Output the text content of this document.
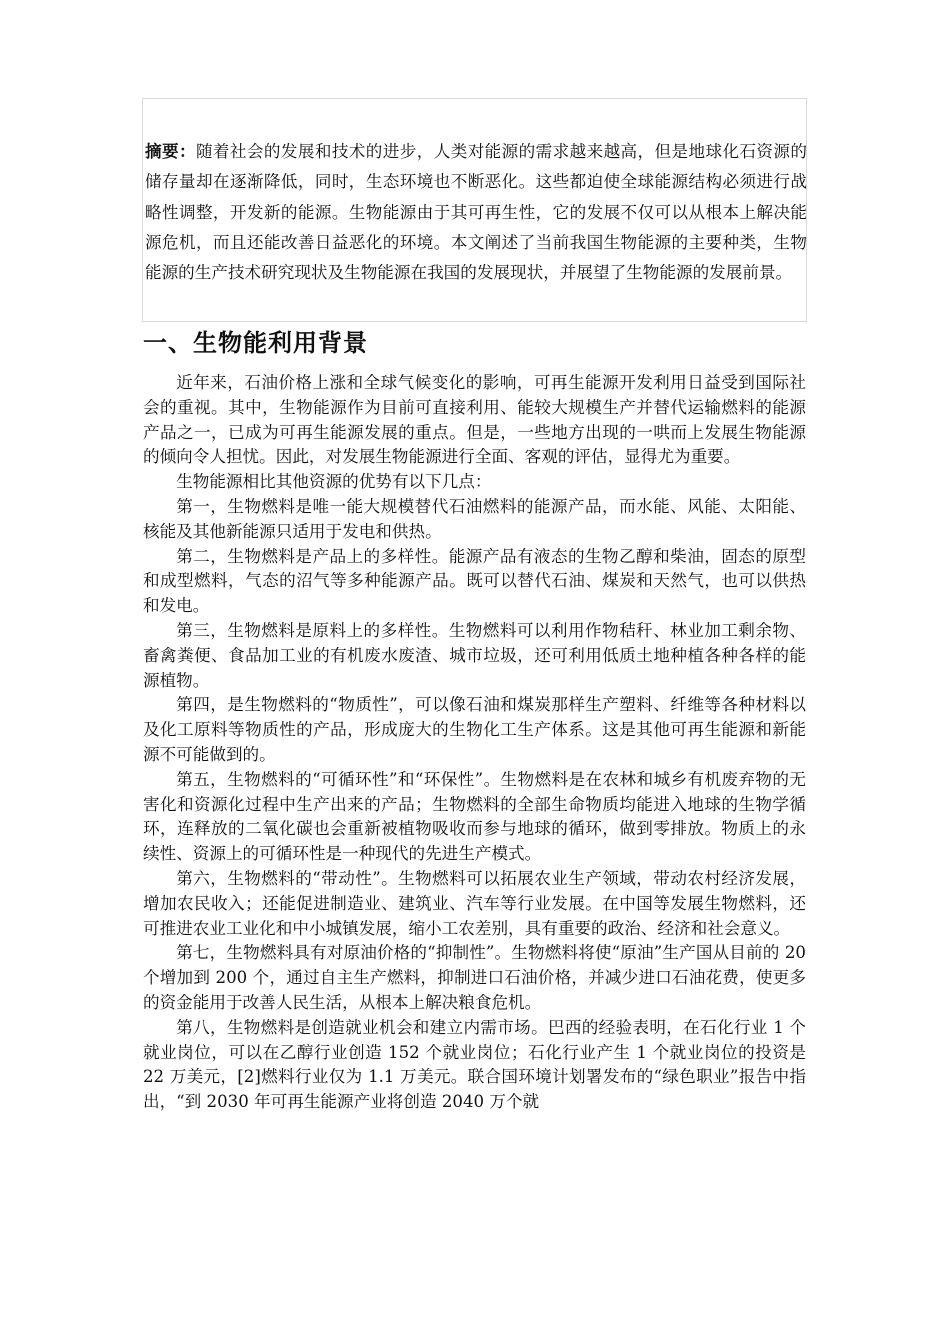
摘要：随着社会的发展和技术的进步，人类对能源的需求越来越高，但是地球化石资源的储存量却在逐渐降低，同时，生态环境也不断恶化。这些都迫使全球能源结构必须进行战略性调整，开发新的能源。生物能源由于其可再生性，它的发展不仅可以从根本上解决能源危机，而且还能改善日益恶化的环境。本文阐述了当前我国生物能源的主要种类，生物能源的生产技术研究现状及生物能源在我国的发展现状，并展望了生物能源的发展前景。

一、生物能利用背景

近年来，石油价格上涨和全球气候变化的影响，可再生能源开发利用日益受到国际社会的重视。其中，生物能源作为目前可直接利用、能较大规模生产并替代运输燃料的能源产品之一，已成为可再生能源发展的重点。但是，一些地方出现的一哄而上发展生物能源的倾向令人担忧。因此，对发展生物能源进行全面、客观的评估，显得尤为重要。

生物能源相比其他资源的优势有以下几点：

第一，生物燃料是唯一能大规模替代石油燃料的能源产品，而水能、风能、太阳能、核能及其他新能源只适用于发电和供热。

第二，生物燃料是产品上的多样性。能源产品有液态的生物乙醇和柴油，固态的原型和成型燃料，气态的沼气等多种能源产品。既可以替代石油、煤炭和天然气，也可以供热和发电。

第三，生物燃料是原料上的多样性。生物燃料可以利用作物秸秆、林业加工剩余物、畜禽粪便、食品加工业的有机废水废渣、城市垃圾，还可利用低质土地种植各种各样的能源植物。

第四，是生物燃料的“物质性”，可以像石油和煤炭那样生产塑料、纤维等各种材料以及化工原料等物质性的产品，形成庞大的生物化工生产体系。这是其他可再生能源和新能源不可能做到的。

第五，生物燃料的“可循环性”和“环保性”。生物燃料是在农林和城乡有机废弃物的无害化和资源化过程中生产出来的产品；生物燃料的全部生命物质均能进入地球的生物学循环，连释放的二氧化碳也会重新被植物吸收而参与地球的循环，做到零排放。物质上的永续性、资源上的可循环性是一种现代的先进生产模式。

第六，生物燃料的“带动性”。生物燃料可以拓展农业生产领域，带动农村经济发展，增加农民收入；还能促进制造业、建筑业、汽车等行业发展。在中国等发展生物燃料，还可推进农业工业化和中小城镇发展，缩小工农差别，具有重要的政治、经济和社会意义。

第七，生物燃料具有对原油价格的“抑制性”。生物燃料将使“原油”生产国从目前的 20 个增加到 200 个，通过自主生产燃料，抑制进口石油价格，并减少进口石油花费，使更多的资金能用于改善人民生活，从根本上解决粮食危机。

第八，生物燃料是创造就业机会和建立内需市场。巴西的经验表明，在石化行业 1 个就业岗位，可以在乙醇行业创造 152 个就业岗位；石化行业产生 1 个就业岗位的投资是 22 万美元，[2]燃料行业仅为 1.1 万美元。联合国环境计划署发布的“绿色职业”报告中指出，“到 2030 年可再生能源产业将创造 2040 万个就
